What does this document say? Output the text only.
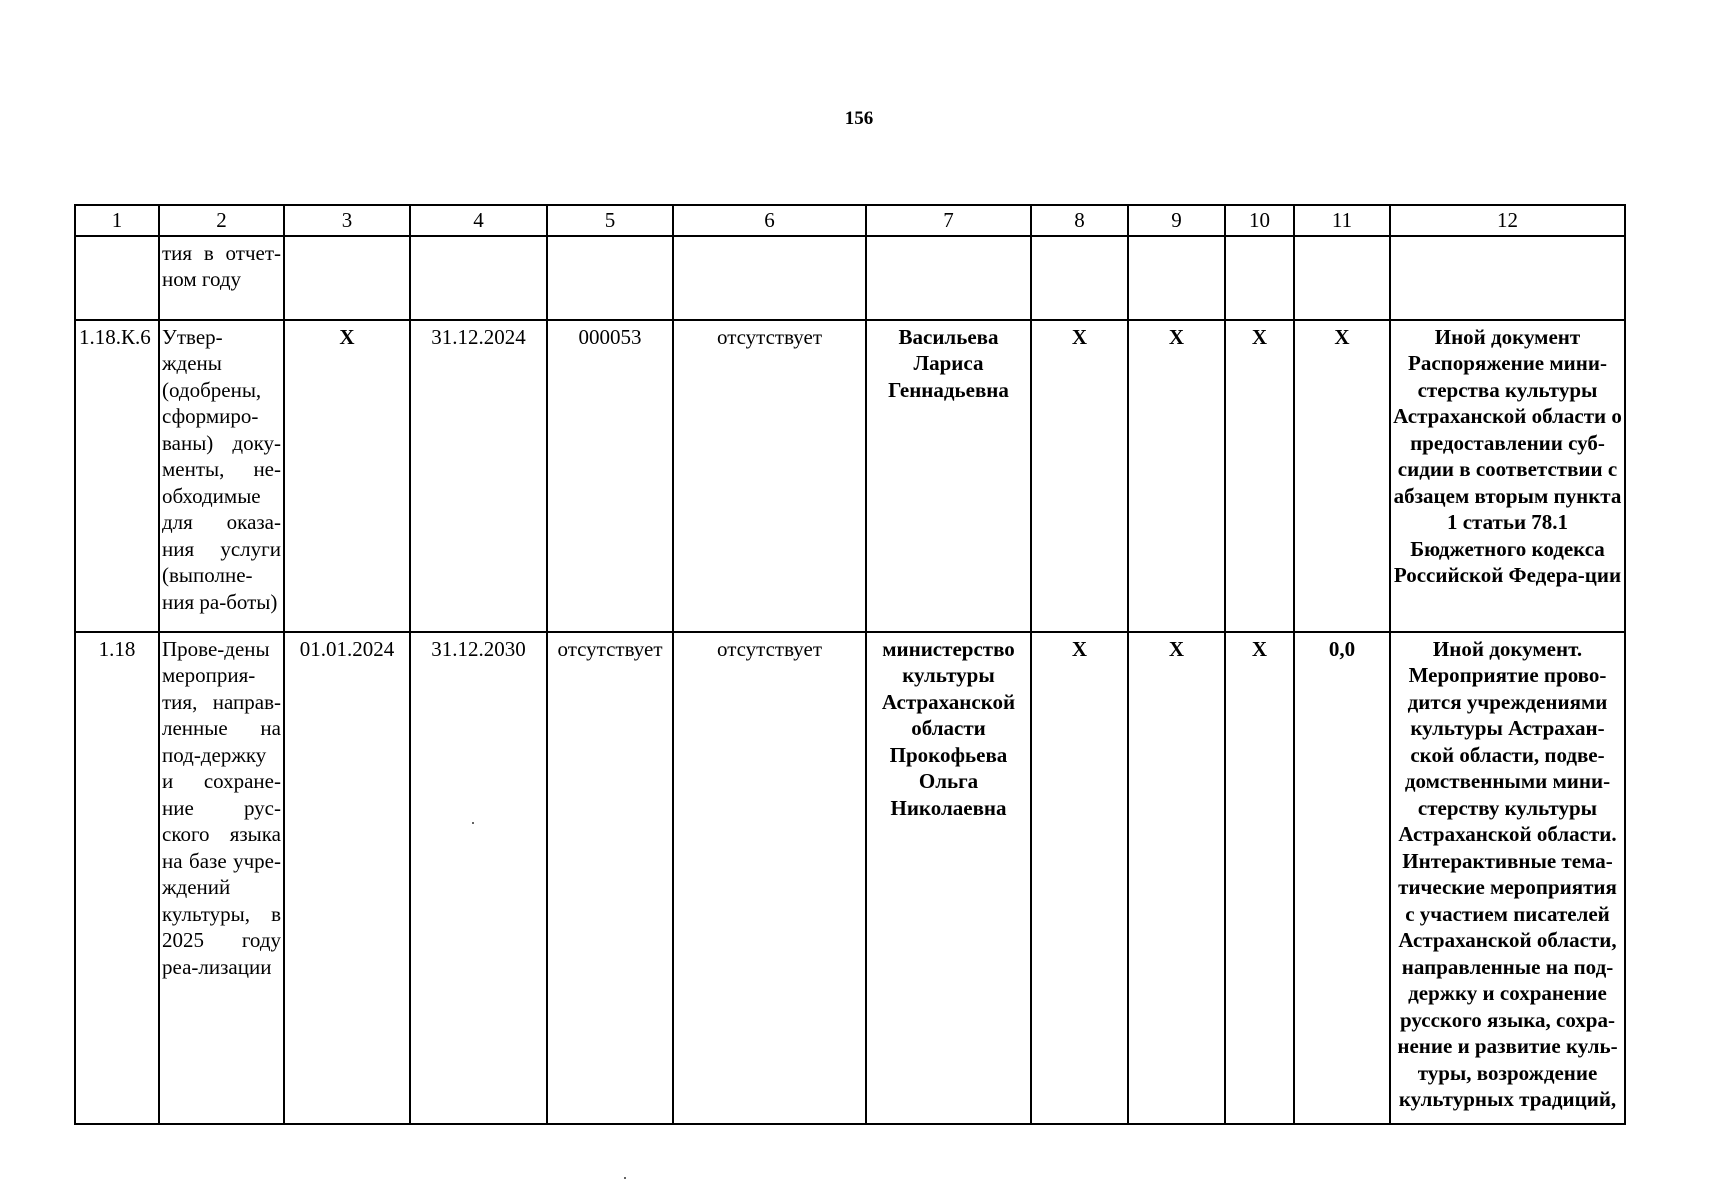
156
1	2	3	4	5	6	7	8	9	10	11	12
	тия в отчет-ном году										
1.18.К.6	Утвер-ждены (одобрены, сформиро-ваны) доку-менты, не-обходимые для оказа-ния услуги (выполне-ния ра-боты)	Х	31.12.2024	000053	отсутствует	Васильева Лариса Геннадьевна	Х	Х	Х	Х	Иной документ Распоряжение мини-стерства культуры Астраханской области о предоставлении суб-сидии в соответствии с абзацем вторым пункта 1 статьи 78.1 Бюджетного кодекса Российской Федера-ции
1.18	Прове-дены мероприя-тия, направ-ленные на под-держку и сохране-ние рус-ского языка на базе учре-ждений культуры, в 2025 году реа-лизации	01.01.2024	31.12.2030	отсутствует	отсутствует	министерство культуры Астраханской области Прокофьева Ольга Николаевна	Х	Х	Х	0,0	Иной документ. Мероприятие прово-дится учреждениями культуры Астрахан-ской области, подве-домственными мини-стерству культуры Астраханской области. Интерактивные тема-тические мероприятия с участием писателей Астраханской области, направленные на под-держку и сохранение русского языка, сохра-нение и развитие куль-туры, возрождение культурных традиций,
